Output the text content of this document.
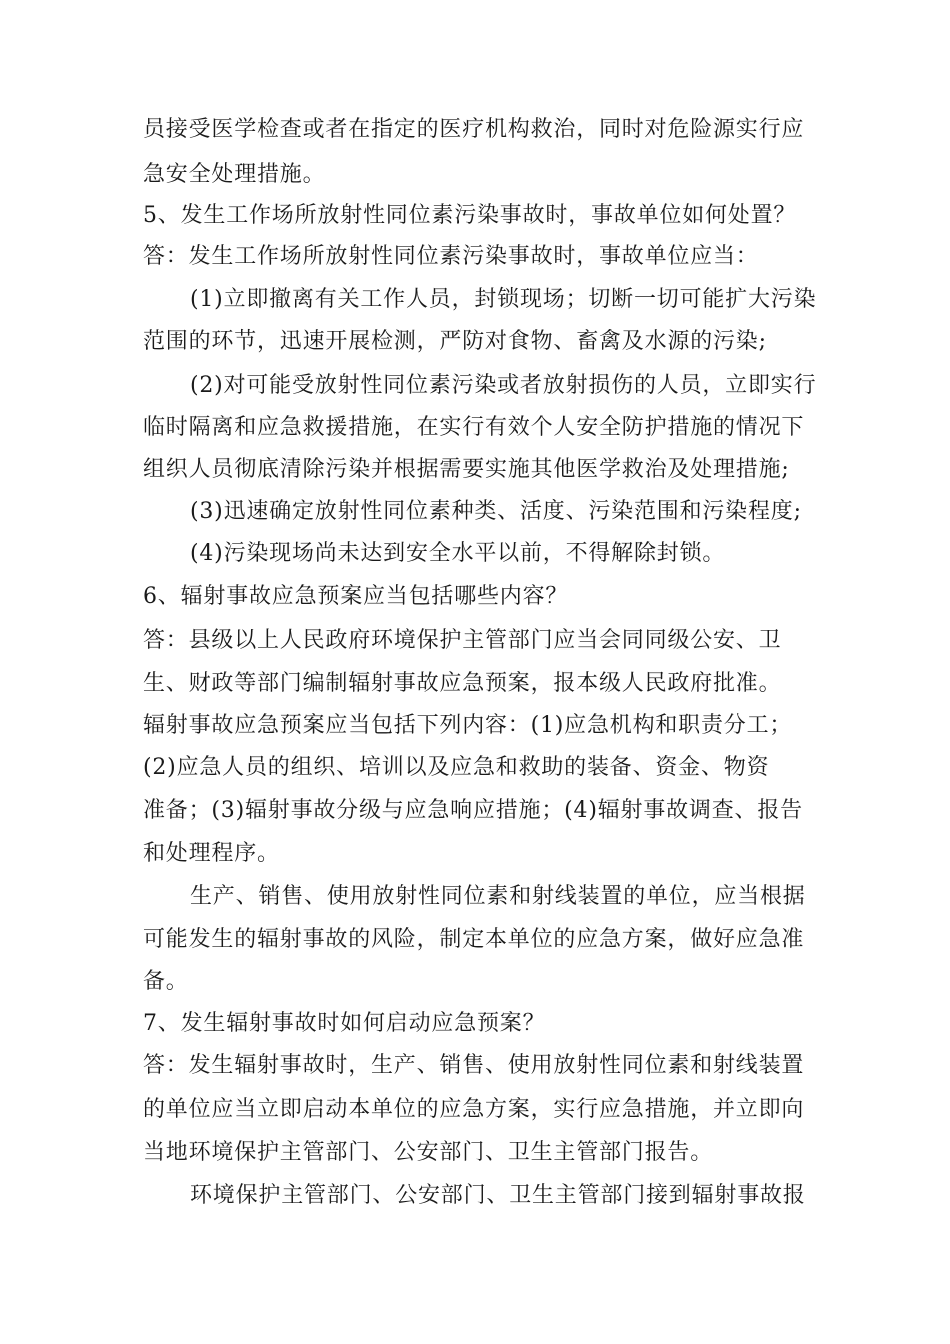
员接受医学检查或者在指定的医疗机构救治，同时对危险源实行应
急安全处理措施。
5、发生工作场所放射性同位素污染事故时，事故单位如何处置？
答：发生工作场所放射性同位素污染事故时，事故单位应当：
(1)立即撤离有关工作人员，封锁现场；切断一切可能扩大污染
范围的环节，迅速开展检测，严防对食物、畜禽及水源的污染;
(2)对可能受放射性同位素污染或者放射损伤的人员，立即实行
临时隔离和应急救援措施，在实行有效个人安全防护措施的情况下
组织人员彻底清除污染并根据需要实施其他医学救治及处理措施;
(3)迅速确定放射性同位素种类、活度、污染范围和污染程度;
(4)污染现场尚未达到安全水平以前，不得解除封锁。
6、辐射事故应急预案应当包括哪些内容？
答：县级以上人民政府环境保护主管部门应当会同同级公安、卫
生、财政等部门编制辐射事故应急预案，报本级人民政府批准。
辐射事故应急预案应当包括下列内容：(1)应急机构和职责分工；
(2)应急人员的组织、培训以及应急和救助的装备、资金、物资
准备；(3)辐射事故分级与应急响应措施；(4)辐射事故调查、报告
和处理程序。
生产、销售、使用放射性同位素和射线装置的单位，应当根据
可能发生的辐射事故的风险，制定本单位的应急方案，做好应急准
备。
7、发生辐射事故时如何启动应急预案？
答：发生辐射事故时，生产、销售、使用放射性同位素和射线装置
的单位应当立即启动本单位的应急方案，实行应急措施，并立即向
当地环境保护主管部门、公安部门、卫生主管部门报告。
环境保护主管部门、公安部门、卫生主管部门接到辐射事故报
